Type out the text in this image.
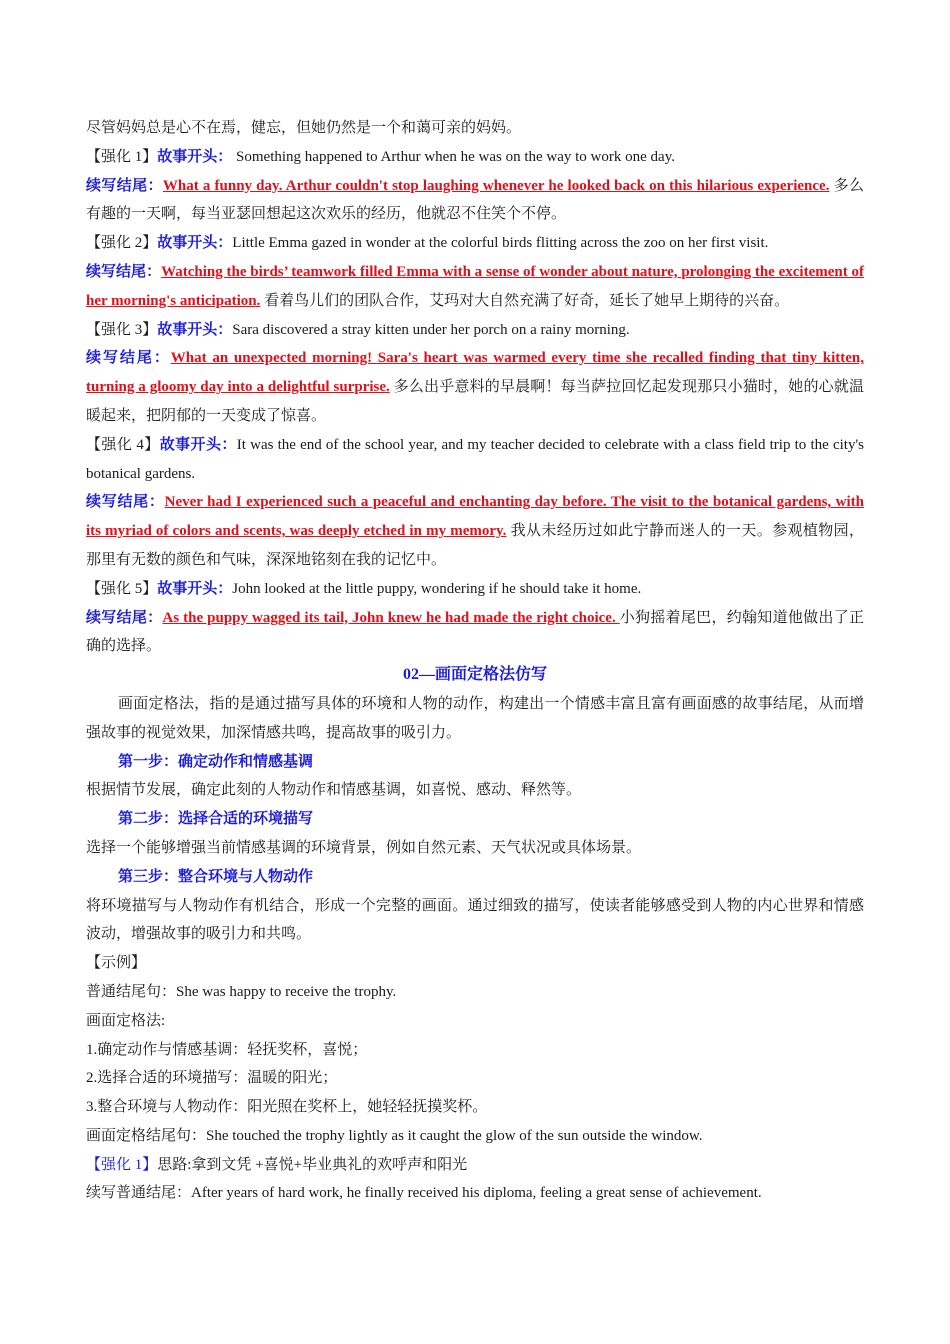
尽管妈妈总是心不在焉，健忘，但她仍然是一个和蔼可亲的妈妈。

【强化 1】故事开头： Something happened to Arthur when he was on the way to work one day.

续写结尾：What a funny day. Arthur couldn't stop laughing whenever he looked back on this hilarious experience. 多么有趣的一天啊，每当亚瑟回想起这次欢乐的经历，他就忍不住笑个不停。

【强化 2】故事开头：Little Emma gazed in wonder at the colorful birds flitting across the zoo on her first visit.

续写结尾：Watching the birds’ teamwork filled Emma with a sense of wonder about nature, prolonging the excitement of her morning's anticipation. 看着鸟儿们的团队合作，艾玛对大自然充满了好奇，延长了她早上期待的兴奋。

【强化 3】故事开头：Sara discovered a stray kitten under her porch on a rainy morning.

续写结尾：What an unexpected morning! Sara's heart was warmed every time she recalled finding that tiny kitten, turning a gloomy day into a delightful surprise. 多么出乎意料的早晨啊！每当萨拉回忆起发现那只小猫时，她的心就温暖起来，把阴郁的一天变成了惊喜。

【强化 4】故事开头：It was the end of the school year, and my teacher decided to celebrate with a class field trip to the city's botanical gardens.

续写结尾：Never had I experienced such a peaceful and enchanting day before. The visit to the botanical gardens, with its myriad of colors and scents, was deeply etched in my memory. 我从未经历过如此宁静而迷人的一天。参观植物园，那里有无数的颜色和气味，深深地铭刻在我的记忆中。

【强化 5】故事开头：John looked at the little puppy, wondering if he should take it home.

续写结尾：As the puppy wagged its tail, John knew he had made the right choice. 小狗摇着尾巴，约翰知道他做出了正确的选择。

02—画面定格法仿写

画面定格法，指的是通过描写具体的环境和人物的动作，构建出一个情感丰富且富有画面感的故事结尾，从而增强故事的视觉效果，加深情感共鸣，提高故事的吸引力。

第一步：确定动作和情感基调

根据情节发展，确定此刻的人物动作和情感基调，如喜悦、感动、释然等。

第二步：选择合适的环境描写

选择一个能够增强当前情感基调的环境背景，例如自然元素、天气状况或具体场景。

第三步：整合环境与人物动作

将环境描写与人物动作有机结合，形成一个完整的画面。通过细致的描写，使读者能够感受到人物的内心世界和情感波动，增强故事的吸引力和共鸣。

【示例】

普通结尾句：She was happy to receive the trophy.

画面定格法:

1.确定动作与情感基调：轻抚奖杯，喜悦；

2.选择合适的环境描写：温暖的阳光；

3.整合环境与人物动作：阳光照在奖杯上，她轻轻抚摸奖杯。

画面定格结尾句：She touched the trophy lightly as it caught the glow of the sun outside the window.

【强化 1】思路:拿到文凭 +喜悦+毕业典礼的欢呼声和阳光

续写普通结尾：After years of hard work, he finally received his diploma, feeling a great sense of achievement.
